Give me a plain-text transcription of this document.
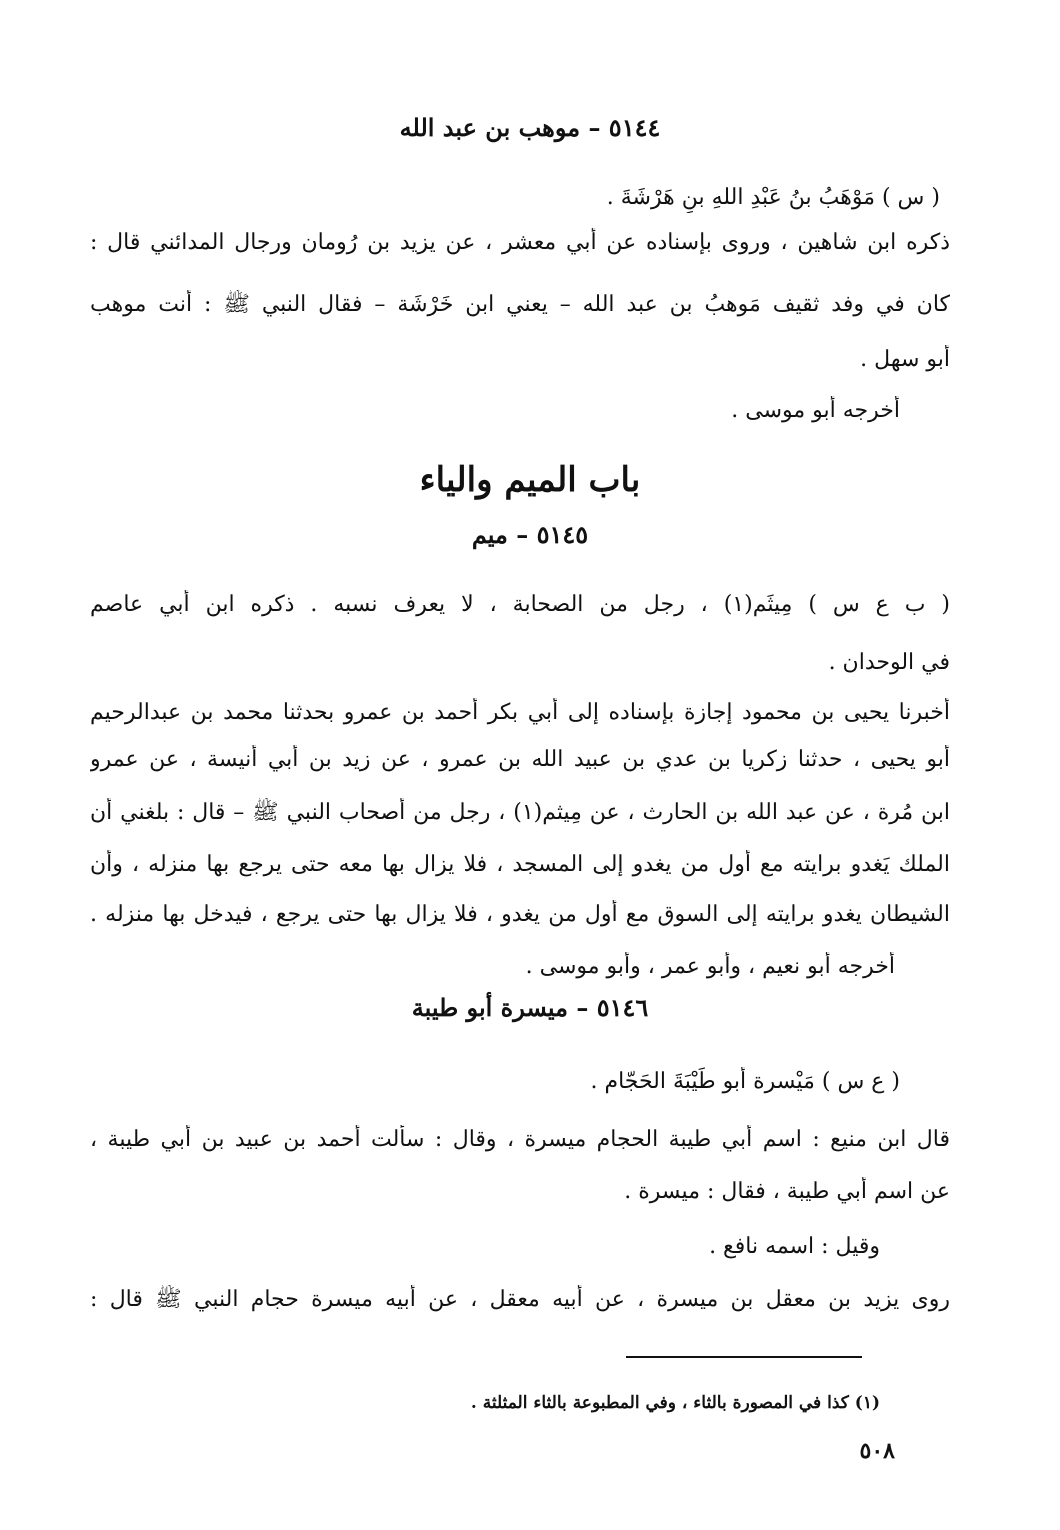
٥١٤٤ – موهب بن عبد الله
( س ) مَوْهَبُ بنُ عَبْدِ اللهِ بنِ هَرْشَةَ .
ذكره ابن شاهين ، وروى بإسناده عن أبي معشر ، عن يزيد بن رُومان ورجال المدائني قال :
كان في وفد ثقيف مَوهبُ بن عبد الله – يعني ابن خَرْشَة – فقال النبي ﷺ : أنت موهب
أبو سهل .
أخرجه أبو موسى .
باب الميم والياء
٥١٤٥ – ميم
( ب ع س ) مِيثَم(١) ، رجل من الصحابة ، لا يعرف نسبه . ذكره ابن أبي عاصم
في الوحدان .
أخبرنا يحيى بن محمود إجازة بإسناده إلى أبي بكر أحمد بن عمرو بحدثنا محمد بن عبدالرحيم
أبو يحيى ، حدثنا زكريا بن عدي بن عبيد الله بن عمرو ، عن زيد بن أبي أُنيسة ، عن عمرو
ابن مُرة ، عن عبد الله بن الحارث ، عن مِيثم(١) ، رجل من أصحاب النبي ﷺ – قال : بلغني أن
الملك يَغدو برايته مع أول من يغدو إلى المسجد ، فلا يزال بها معه حتى يرجع بها منزله ، وأن
الشيطان يغدو برايته إلى السوق مع أول من يغدو ، فلا يزال بها حتى يرجع ، فيدخل بها منزله .
أخرجه أبو نعيم ، وأبو عمر ، وأبو موسى .
٥١٤٦ – ميسرة أبو طيبة
( ع س ) مَيْسرة أبو طَيْبَةَ الحَجّام .
قال ابن منيع : اسم أبي طيبة الحجام ميسرة ، وقال : سألت أحمد بن عبيد بن أبي طيبة ،
عن اسم أبي طيبة ، فقال : ميسرة .
وقيل : اسمه نافع .
روى يزيد بن معقل بن ميسرة ، عن أبيه معقل ، عن أبيه ميسرة حجام النبي ﷺ قال :
(١) كذا في المصورة بالثاء ، وفي المطبوعة بالثاء المثلثة .
٥٠٨
